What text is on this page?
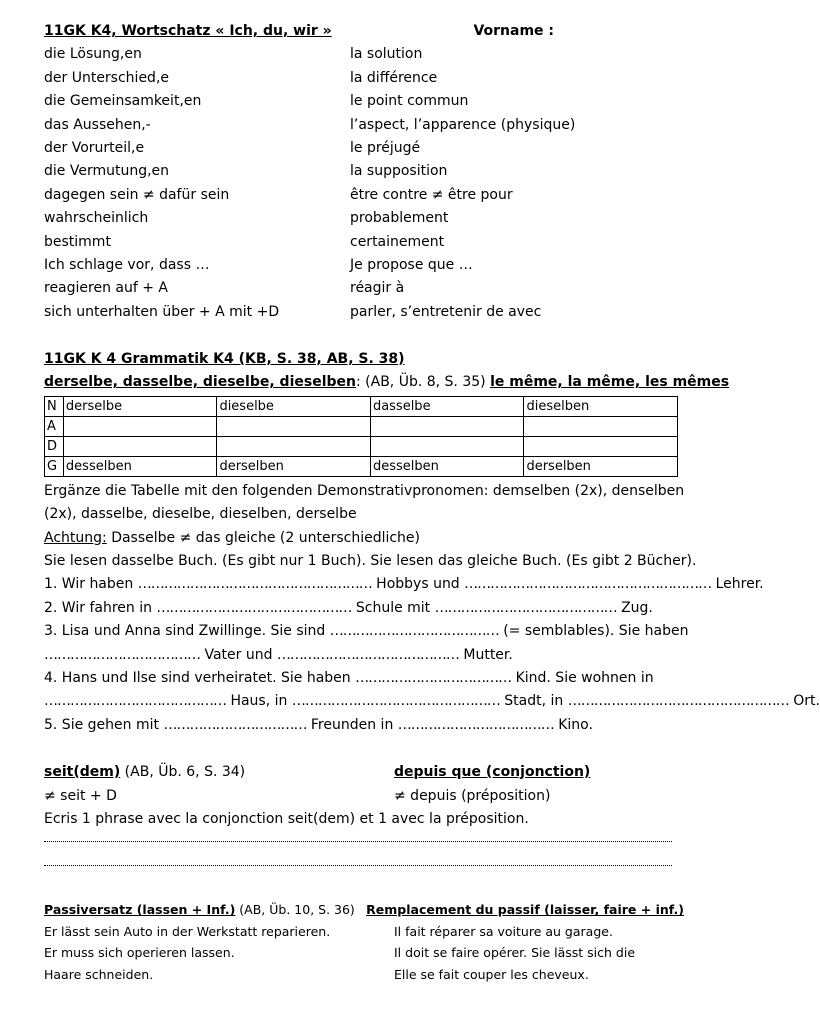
11GK K4, Wortschatz « Ich, du, wir »	Vorname :
die Lösung,en	la solution
der Unterschied,e	la différence
die Gemeinsamkeit,en	le point commun
das Aussehen,-	l’aspect, l’apparence (physique)
der Vorurteil,e	le préjugé
die Vermutung,en	la supposition
dagegen sein ≠ dafür sein	être contre ≠ être pour
wahrscheinlich	probablement
bestimmt	certainement
Ich schlage vor, dass …	Je propose que …
reagieren auf + A	réagir à
sich unterhalten über + A mit +D	parler, s’entretenir de avec
11GK K 4 Grammatik K4 (KB, S. 38, AB, S. 38)
derselbe, dasselbe, dieselbe, dieselben: (AB, Üb. 8, S. 35) le même, la même, les mêmes
N	derselbe	dieselbe	dasselbe	dieselben
A				
D				
G	desselben	derselben	desselben	derselben
Ergänze die Tabelle mit den folgenden Demonstrativpronomen: demselben (2x), denselben
(2x), dasselbe, dieselbe, dieselben, derselbe
Achtung: Dasselbe ≠ das gleiche (2 unterschiedliche)
Sie lesen dasselbe Buch. (Es gibt nur 1 Buch). Sie lesen das gleiche Buch. (Es gibt 2 Bücher).
1. Wir haben ……………………………………………… Hobbys und ………………………………………………… Lehrer.
2. Wir fahren in ……………………………………… Schule mit …………………………………… Zug.
3. Lisa und Anna sind Zwillinge. Sie sind ………………………………… (= semblables). Sie haben
……………………………… Vater und …………………………………… Mutter.
4. Hans und Ilse sind verheiratet. Sie haben ……………………………… Kind. Sie wohnen in
…………………………………… Haus, in ………………………………………… Stadt, in …………………………………………… Ort.
5. Sie gehen mit …………………………… Freunden in ……………………………… Kino.
seit(dem) (AB, Üb. 6, S. 34)	depuis que (conjonction)
≠ seit + D	≠ depuis (préposition)
Ecris 1 phrase avec la conjonction seit(dem) et 1 avec la préposition.
Passiversatz (lassen + Inf.) (AB, Üb. 10, S. 36) Remplacement du passif (laisser, faire + inf.)
Er lässt sein Auto in der Werkstatt reparieren.	Il fait réparer sa voiture au garage.
Er muss sich operieren lassen.	Il doit se faire opérer. Sie lässt sich die
Haare schneiden.	Elle se fait couper les cheveux.
